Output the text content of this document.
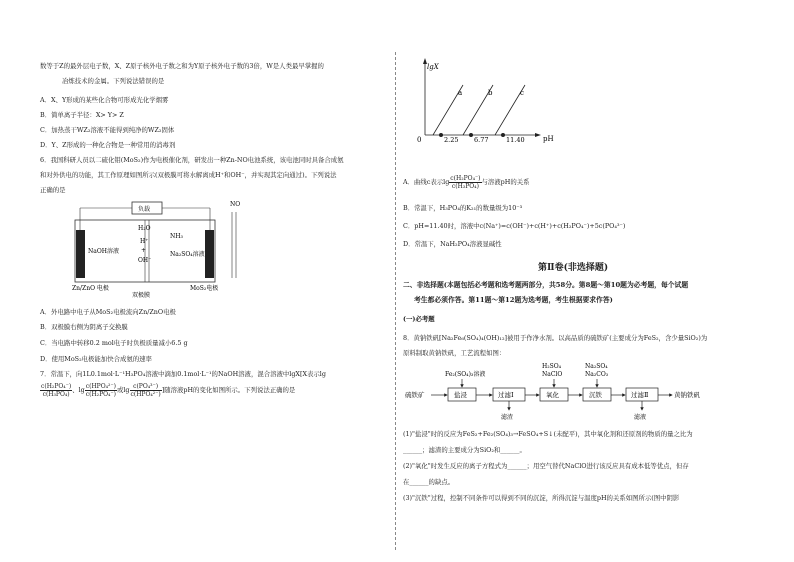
数等于Z的最外层电子数，X、Z原子核外电子数之和为Y原子核外电子数的3倍，W是人类最早掌握的
冶炼技术的金属。下列说法错误的是
A．X、Y形成的某些化合物可形成光化学烟雾
B．简单离子半径：X> Y> Z
C．加热蒸干WZ₂溶液不能得到纯净的WZ₂固体
D．Y、Z形成的一种化合物是一种常用的消毒剂
6．我国科研人员以二硫化钼(MoS₂)作为电极催化剂，研发出一种Zn-NO电池系统，该电池同时具备合成氨
和对外供电的功能，其工作原理如图所示(双极膜可将水解离成H⁺和OH⁻，并实现其定向通过)。下列说法
正确的是
负载
H₂O
H⁺
+
OH⁻
NaOH溶液
NH₃
Na₂SO₄溶液
NO
Zn/ZnO 电极
双极膜
MoS₂电极
A．外电路中电子从MoS₂电极流向Zn/ZnO电极
B．双极膜右侧为阴离子交换膜
C．当电路中转移0.2 mol电子时负极质量减小6.5 g
D．使用MoS₂电极能加快合成氨的速率
7．常温下，向1L0.1mol·L⁻¹H₃PO₄溶液中滴加0.1mol·L⁻¹的NaOH溶液，混合溶液中lgX[X表示lg
$\frac{\text{c(H₂PO₄⁻)}}{\text{c(H₃PO₄)}}$ 、$\lg \frac{\text{c(HPO₄²⁻)}}{\text{c(H₂PO₄⁻)}}$ 或$\lg \frac{\text{c(PO₄³⁻)}}{\text{c(HPO₄²⁻)}}$ ]随溶液pH的变化如图所示。下列说法正确的是
lgX
pH
0
a	b	c
2.25 6.77	11.40
A．曲线c表示$\lg \frac{\text{c(H₂PO₄⁻)}}{\text{c(H₃PO₄)}}$ 与溶液pH的关系
B．常温下，H₃PO₄的K₂₁的数量级为10⁻³
C．pH=11.40时，溶液中c(Na⁺)=c(OH⁻)+c(H⁺)+c(H₂PO₄⁻)+5c(PO₄³⁻)
D．常温下，NaH₂PO₄溶液显碱性
第Ⅱ卷(非选择题)
二、非选择题(本题包括必考题和选考题两部分，共58分。第8题～第10题为必考题，每个试题
考生都必须作答。第11题～第12题为选考题，考生根据要求作答)
(一)必考题
8．黄钠铁矾[Na₂Fe₆(SO₄)₄(OH)₁₂]被用于作净水剂。以高品质的硫铁矿(主要成分为FeS₂，含少量SiO₂)为
原料制取黄钠铁矾，工艺流程如图：
硫铁矿	盐浸
Fe₂(SO₄)₃溶液
过滤Ⅰ
滤渣
氧化
H₂SO₄
NaClO
沉铁
Na₂SO₄
Na₂CO₃
过滤Ⅱ
滤液
黄钠铁矾
(1)"盐浸"时的反应为FeS₂+Fe₂(SO₄)₃→FeSO₄+S↓(未配平)，其中氧化剂和还原剂的物质的量之比为
______；滤渣的主要成分为SiO₂和______。
(2)"氧化"时发生反应的离子方程式为______；用空气替代NaClO进行该反应具有成本低等优点，但存
在______的缺点。
(3)"沉铁"过程，控制不同条件可以得到不同的沉淀，所得沉淀与温度pH的关系如图所示(图中阴影
